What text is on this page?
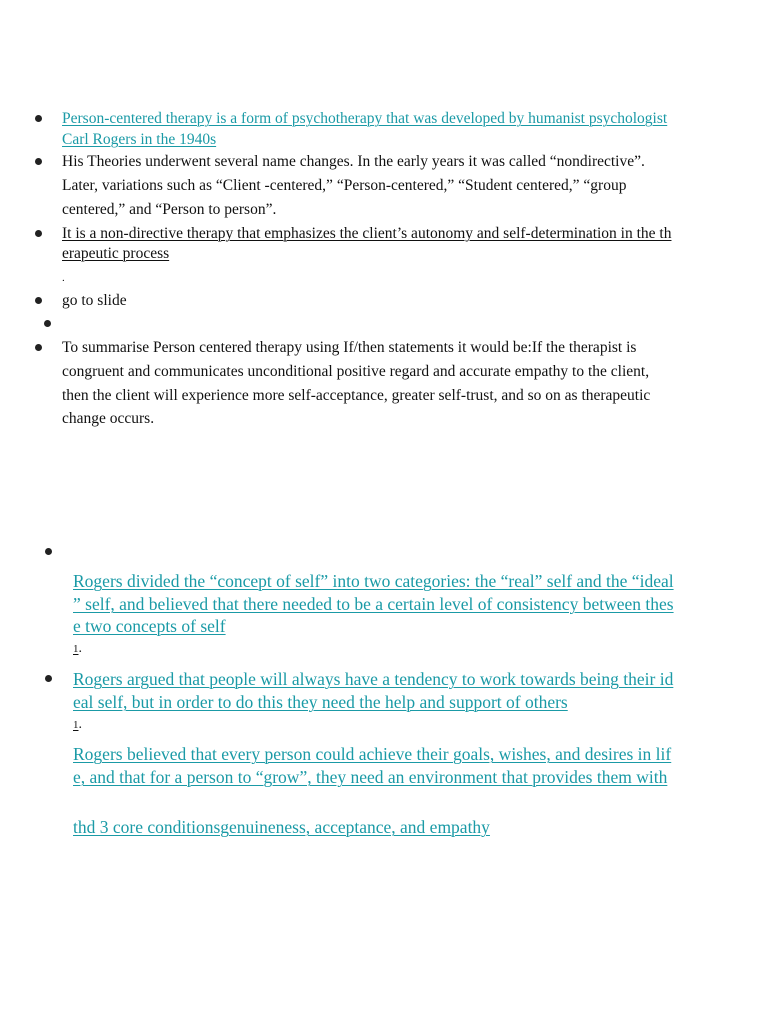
Person-centered therapy is a form of psychotherapy that was developed by humanist psychologist
Carl Rogers in the 1940s
His Theories underwent several name changes. In the early years it was called “nondirective”.
Later, variations such as “Client -centered,” “Person-centered,” “Student centered,” “group
centered,” and “Person to person”.
It is a non-directive therapy that emphasizes the client’s autonomy and self-determination in the th
erapeutic process
.
go to slide
To summarise Person centered therapy using If/then statements it would be:If the therapist is
congruent and communicates unconditional positive regard and accurate empathy to the client,
then the client will experience more self-acceptance, greater self-trust, and so on as therapeutic
change occurs.
Rogers divided the “concept of self” into two categories: the “real” self and the “ideal
” self, and believed that there needed to be a certain level of consistency between thes
e two concepts of self
1.
Rogers argued that people will always have a tendency to work towards being their id
eal self, but in order to do this they need the help and support of others
1.
Rogers believed that every person could achieve their goals, wishes, and desires in lif
e, and that for a person to “grow”, they need an environment that provides them with
thd 3 core conditionsgenuineness, acceptance, and empathy
